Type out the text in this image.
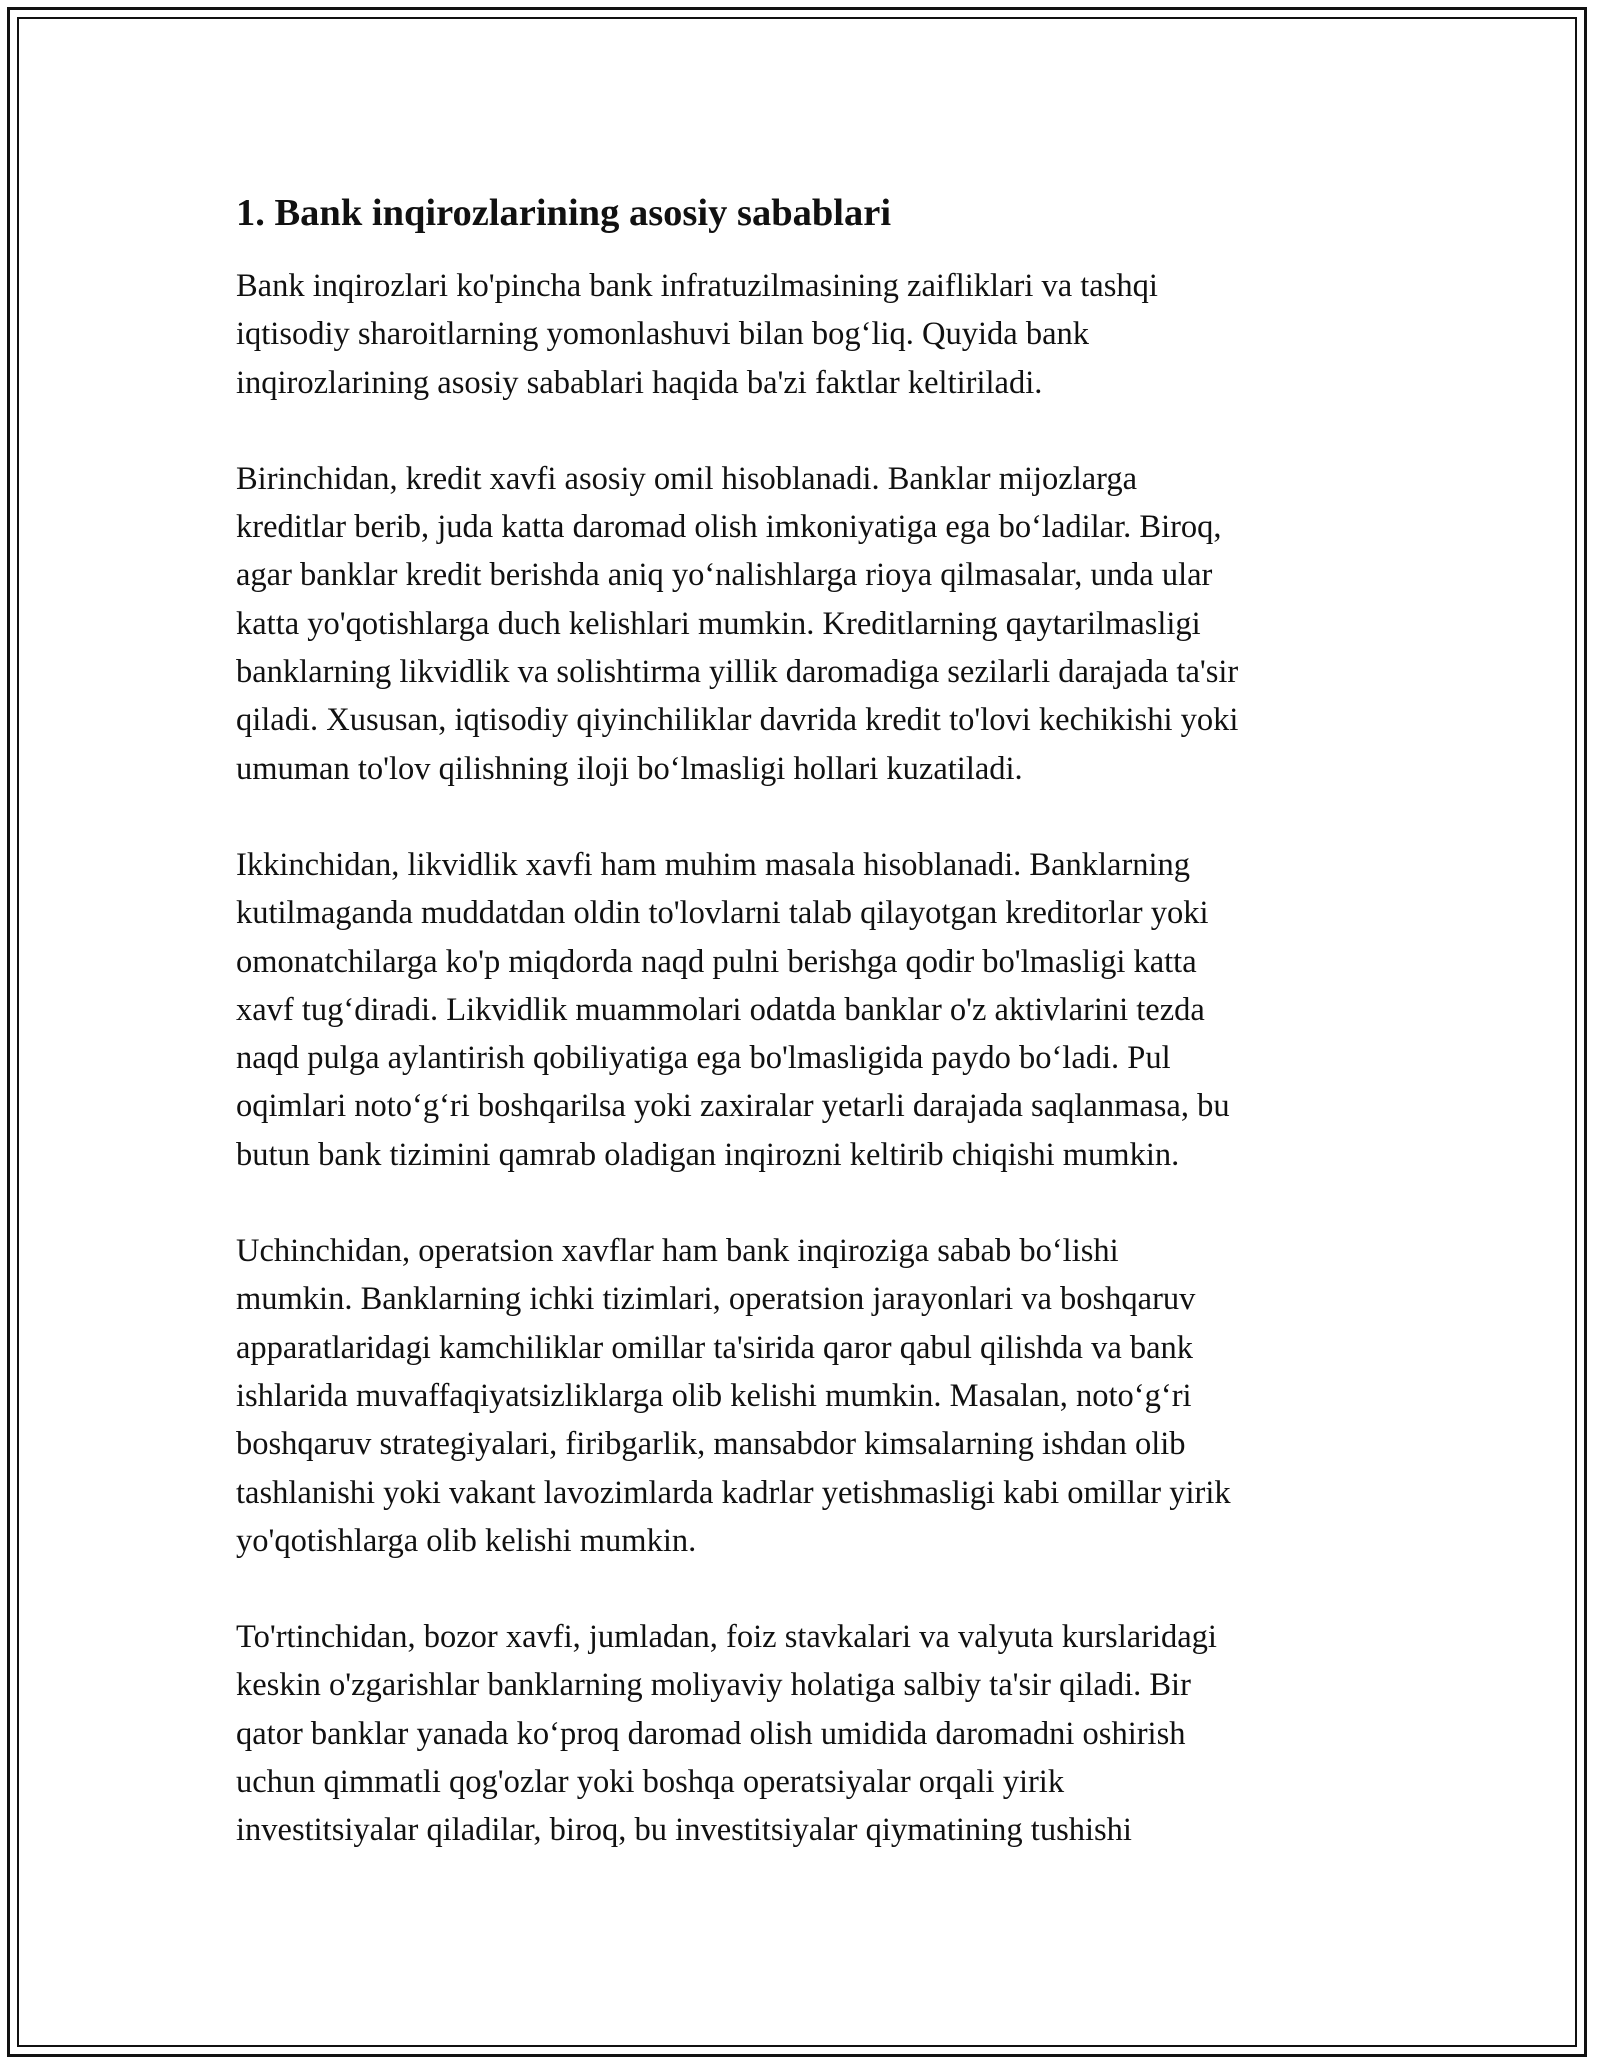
1. Bank inqirozlarining asosiy sabablari

Bank inqirozlari ko'pincha bank infratuzilmasining zaifliklari va tashqi
iqtisodiy sharoitlarning yomonlashuvi bilan bog‘liq. Quyida bank
inqirozlarining asosiy sabablari haqida ba'zi faktlar keltiriladi.

Birinchidan, kredit xavfi asosiy omil hisoblanadi. Banklar mijozlarga
kreditlar berib, juda katta daromad olish imkoniyatiga ega bo‘ladilar. Biroq,
agar banklar kredit berishda aniq yo‘nalishlarga rioya qilmasalar, unda ular
katta yo'qotishlarga duch kelishlari mumkin. Kreditlarning qaytarilmasligi
banklarning likvidlik va solishtirma yillik daromadiga sezilarli darajada ta'sir
qiladi. Xususan, iqtisodiy qiyinchiliklar davrida kredit to'lovi kechikishi yoki
umuman to'lov qilishning iloji bo‘lmasligi hollari kuzatiladi.

Ikkinchidan, likvidlik xavfi ham muhim masala hisoblanadi. Banklarning
kutilmaganda muddatdan oldin to'lovlarni talab qilayotgan kreditorlar yoki
omonatchilarga ko'p miqdorda naqd pulni berishga qodir bo'lmasligi katta
xavf tug‘diradi. Likvidlik muammolari odatda banklar o'z aktivlarini tezda
naqd pulga aylantirish qobiliyatiga ega bo'lmasligida paydo bo‘ladi. Pul
oqimlari noto‘g‘ri boshqarilsa yoki zaxiralar yetarli darajada saqlanmasa, bu
butun bank tizimini qamrab oladigan inqirozni keltirib chiqishi mumkin.

Uchinchidan, operatsion xavflar ham bank inqiroziga sabab bo‘lishi
mumkin. Banklarning ichki tizimlari, operatsion jarayonlari va boshqaruv
apparatlaridagi kamchiliklar omillar ta'sirida qaror qabul qilishda va bank
ishlarida muvaffaqiyatsizliklarga olib kelishi mumkin. Masalan, noto‘g‘ri
boshqaruv strategiyalari, firibgarlik, mansabdor kimsalarning ishdan olib
tashlanishi yoki vakant lavozimlarda kadrlar yetishmasligi kabi omillar yirik
yo'qotishlarga olib kelishi mumkin.

To'rtinchidan, bozor xavfi, jumladan, foiz stavkalari va valyuta kurslaridagi
keskin o'zgarishlar banklarning moliyaviy holatiga salbiy ta'sir qiladi. Bir
qator banklar yanada ko‘proq daromad olish umidida daromadni oshirish
uchun qimmatli qog'ozlar yoki boshqa operatsiyalar orqali yirik
investitsiyalar qiladilar, biroq, bu investitsiyalar qiymatining tushishi
